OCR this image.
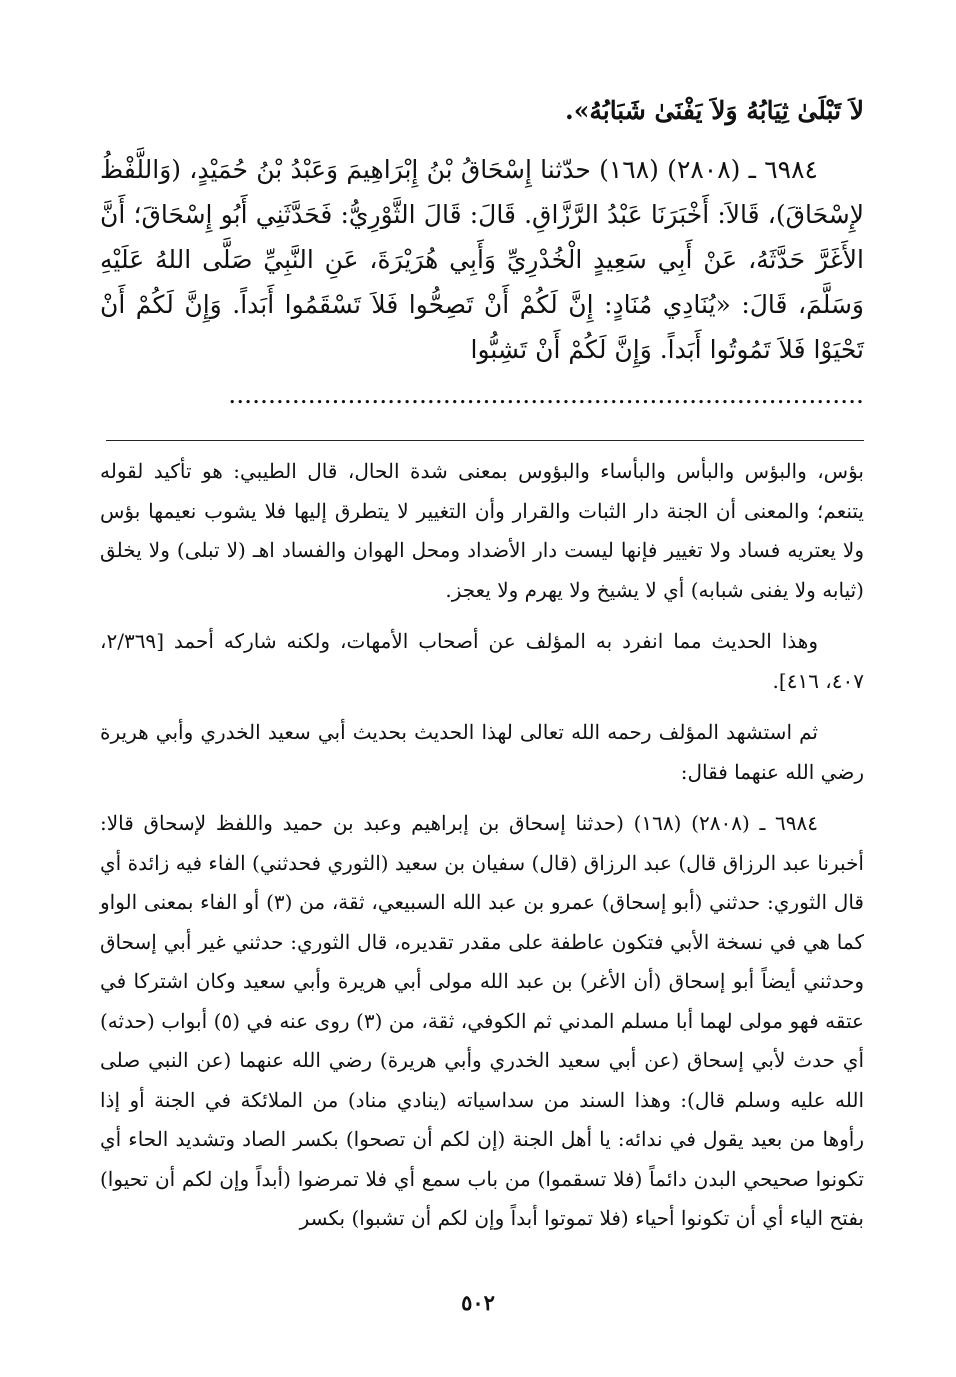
لاَ تَبْلَىٰ ثِيَابُهُ وَلاَ يَفْنَىٰ شَبَابُهُ».

٦٩٨٤ ـ (٢٨٠٨) (١٦٨) حدّثنا إِسْحَاقُ بْنُ إِبْرَاهِيمَ وَعَبْدُ بْنُ حُمَيْدٍ، (وَاللَّفْظُ لإِسْحَاقَ)، قَالاَ: أَخْبَرَنَا عَبْدُ الرَّزَّاقِ. قَالَ: قَالَ الثَّوْرِيُّ: فَحَدَّثَنِي أَبُو إِسْحَاقَ؛ أَنَّ الأَغَرَّ حَدَّثَهُ، عَنْ أَبِي سَعِيدٍ الْخُدْرِيِّ وَأَبِي هُرَيْرَةَ، عَنِ النَّبِيِّ صَلَّى اللهُ عَلَيْهِ وَسَلَّمَ، قَالَ: «يُنَادِي مُنَادٍ: إِنَّ لَكُمْ أَنْ تَصِحُّوا فَلاَ تَسْقَمُوا أَبَداً. وَإِنَّ لَكُمْ أَنْ تَحْيَوْا فَلاَ تَمُوتُوا أَبَداً. وَإِنَّ لَكُمْ أَنْ تَشِبُّوا

................................................................................

بؤس، والبؤس والبأس والبأساء والبؤوس بمعنى شدة الحال، قال الطيبي: هو تأكيد لقوله يتنعم؛ والمعنى أن الجنة دار الثبات والقرار وأن التغيير لا يتطرق إليها فلا يشوب نعيمها بؤس ولا يعتريه فساد ولا تغيير فإنها ليست دار الأضداد ومحل الهوان والفساد اهـ (لا تبلى) ولا يخلق (ثيابه ولا يفنى شبابه) أي لا يشيخ ولا يهرم ولا يعجز.

وهذا الحديث مما انفرد به المؤلف عن أصحاب الأمهات، ولكنه شاركه أحمد [٢/٣٦٩، ٤٠٧، ٤١٦].

ثم استشهد المؤلف رحمه الله تعالى لهذا الحديث بحديث أبي سعيد الخدري وأبي هريرة رضي الله عنهما فقال:

٦٩٨٤ ـ (٢٨٠٨) (١٦٨) (حدثنا إسحاق بن إبراهيم وعبد بن حميد واللفظ لإسحاق قالا: أخبرنا عبد الرزاق قال) عبد الرزاق (قال) سفيان بن سعيد (الثوري فحدثني) الفاء فيه زائدة أي قال الثوري: حدثني (أبو إسحاق) عمرو بن عبد الله السبيعي، ثقة، من (٣) أو الفاء بمعنى الواو كما هي في نسخة الأبي فتكون عاطفة على مقدر تقديره، قال الثوري: حدثني غير أبي إسحاق وحدثني أيضاً أبو إسحاق (أن الأغر) بن عبد الله مولى أبي هريرة وأبي سعيد وكان اشتركا في عتقه فهو مولى لهما أبا مسلم المدني ثم الكوفي، ثقة، من (٣) روى عنه في (٥) أبواب (حدثه) أي حدث لأبي إسحاق (عن أبي سعيد الخدري وأبي هريرة) رضي الله عنهما (عن النبي صلى الله عليه وسلم قال): وهذا السند من سداسياته (ينادي مناد) من الملائكة في الجنة أو إذا رأوها من بعيد يقول في ندائه: يا أهل الجنة (إن لكم أن تصحوا) بكسر الصاد وتشديد الحاء أي تكونوا صحيحي البدن دائماً (فلا تسقموا) من باب سمع أي فلا تمرضوا (أبداً وإن لكم أن تحيوا) بفتح الياء أي أن تكونوا أحياء (فلا تموتوا أبداً وإن لكم أن تشبوا) بكسر

٥٠٢
